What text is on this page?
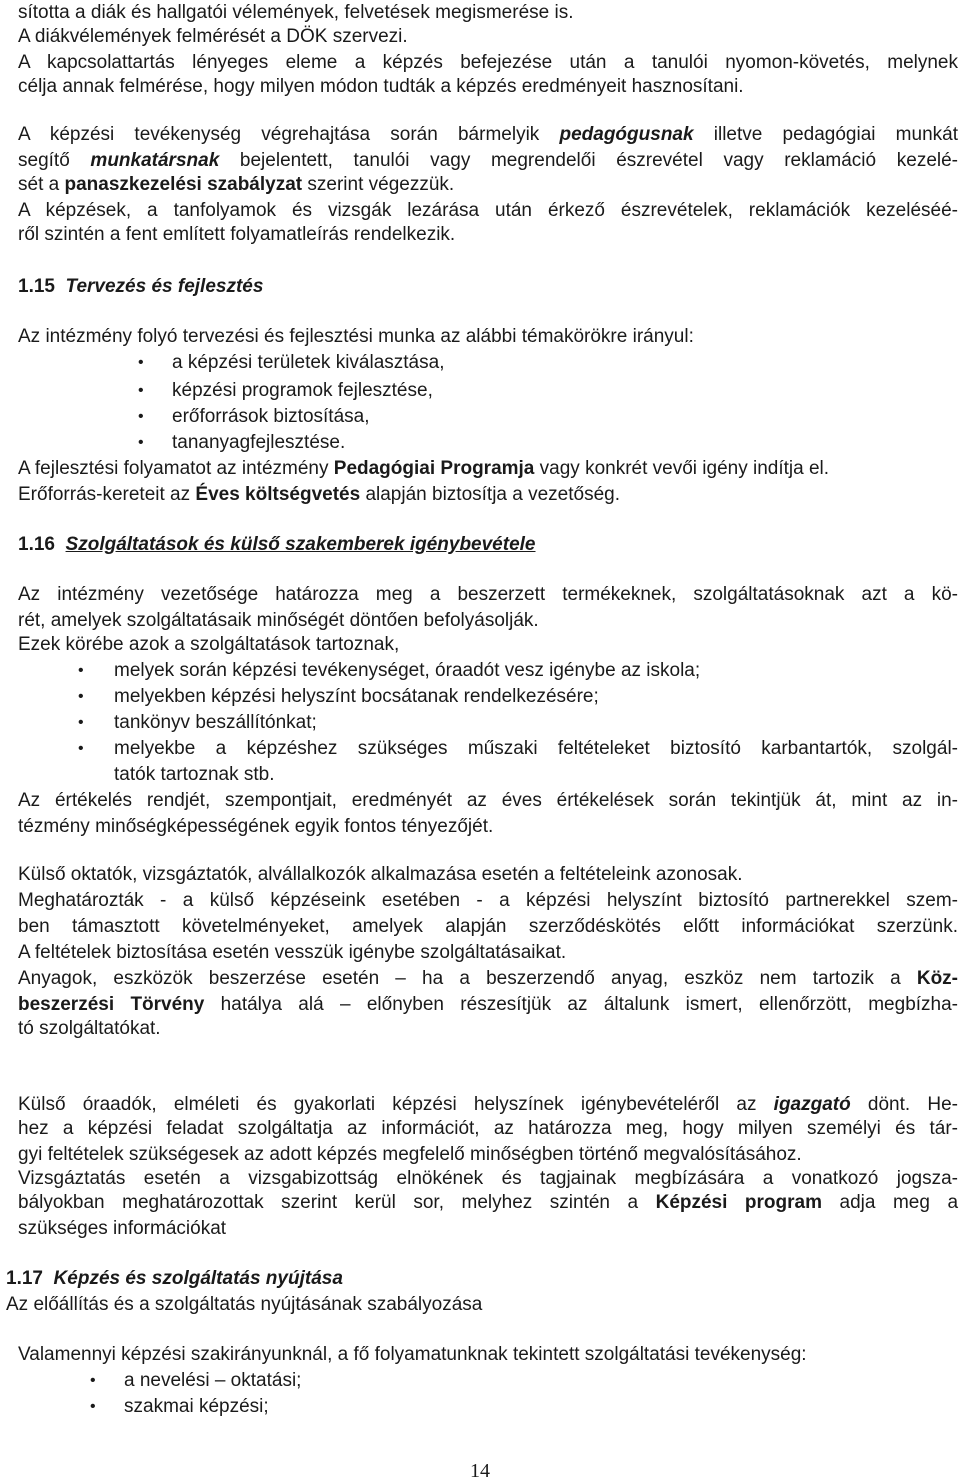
sította a diák és hallgatói vélemények, felvetések megismerése is.
A diákvélemények felmérését a DÖK szervezi.
A kapcsolattartás lényeges eleme a képzés befejezése után a tanulói nyomon-követés, melynek
célja annak felmérése, hogy milyen módon tudták a képzés eredményeit hasznosítani.
A képzési tevékenység végrehajtása során bármelyik pedagógusnak illetve pedagógiai munkát
segítő munkatársnak bejelentett, tanulói vagy megrendelői észrevétel vagy reklamáció kezelé-
sét a panaszkezelési szabályzat szerint végezzük.
A képzések, a tanfolyamok és vizsgák lezárása után érkező észrevételek, reklamációk kezeléséé-
ről szintén a fent említett folyamatleírás rendelkezik.
1.15 Tervezés és fejlesztés
Az intézmény folyó tervezési és fejlesztési munka az alábbi témakörökre irányul:
• a képzési területek kiválasztása,
• képzési programok fejlesztése,
• erőforrások biztosítása,
• tananyagfejlesztése.
A fejlesztési folyamatot az intézmény Pedagógiai Programja vagy konkrét vevői igény indítja el.
Erőforrás-kereteit az Éves költségvetés alapján biztosítja a vezetőség.
1.16 Szolgáltatások és külső szakemberek igénybevétele
Az intézmény vezetősége határozza meg a beszerzett termékeknek, szolgáltatásoknak azt a kö-
rét, amelyek szolgáltatásaik minőségét döntően befolyásolják.
Ezek körébe azok a szolgáltatások tartoznak,
• melyek során képzési tevékenységet, óraadót vesz igénybe az iskola;
• melyekben képzési helyszínt bocsátanak rendelkezésére;
• tankönyv beszállítónkat;
• melyekbe a képzéshez szükséges műszaki feltételeket biztosító karbantartók, szolgál-
tatók tartoznak stb.
Az értékelés rendjét, szempontjait, eredményét az éves értékelések során tekintjük át, mint az in-
tézmény minőségképességének egyik fontos tényezőjét.
Külső oktatók, vizsgáztatók, alvállalkozók alkalmazása esetén a feltételeink azonosak.
Meghatározták - a külső képzéseink esetében - a képzési helyszínt biztosító partnerekkel szem-
ben támasztott követelményeket, amelyek alapján szerződéskötés előtt információkat szerzünk.
A feltételek biztosítása esetén vesszük igénybe szolgáltatásaikat.
Anyagok, eszközök beszerzése esetén ‒ ha a beszerzendő anyag, eszköz nem tartozik a Köz-
beszerzési Törvény hatálya alá ‒ előnyben részesítjük az általunk ismert, ellenőrzött, megbízha-
tó szolgáltatókat.
Külső óraadók, elméleti és gyakorlati képzési helyszínek igénybevételéről az igazgató dönt. He-
hez a képzési feladat szolgáltatja az információt, az határozza meg, hogy milyen személyi és tár-
gyi feltételek szükségesek az adott képzés megfelelő minőségben történő megvalósításához.
Vizsgáztatás esetén a vizsgabizottság elnökének és tagjainak megbízására a vonatkozó jogsza-
bályokban meghatározottak szerint kerül sor, melyhez szintén a Képzési program adja meg a
szükséges információkat
1.17 Képzés és szolgáltatás nyújtása
Az előállítás és a szolgáltatás nyújtásának szabályozása
Valamennyi képzési szakirányunknál, a fő folyamatunknak tekintett szolgáltatási tevékenység:
• a nevelési ‒ oktatási;
• szakmai képzési;
14
